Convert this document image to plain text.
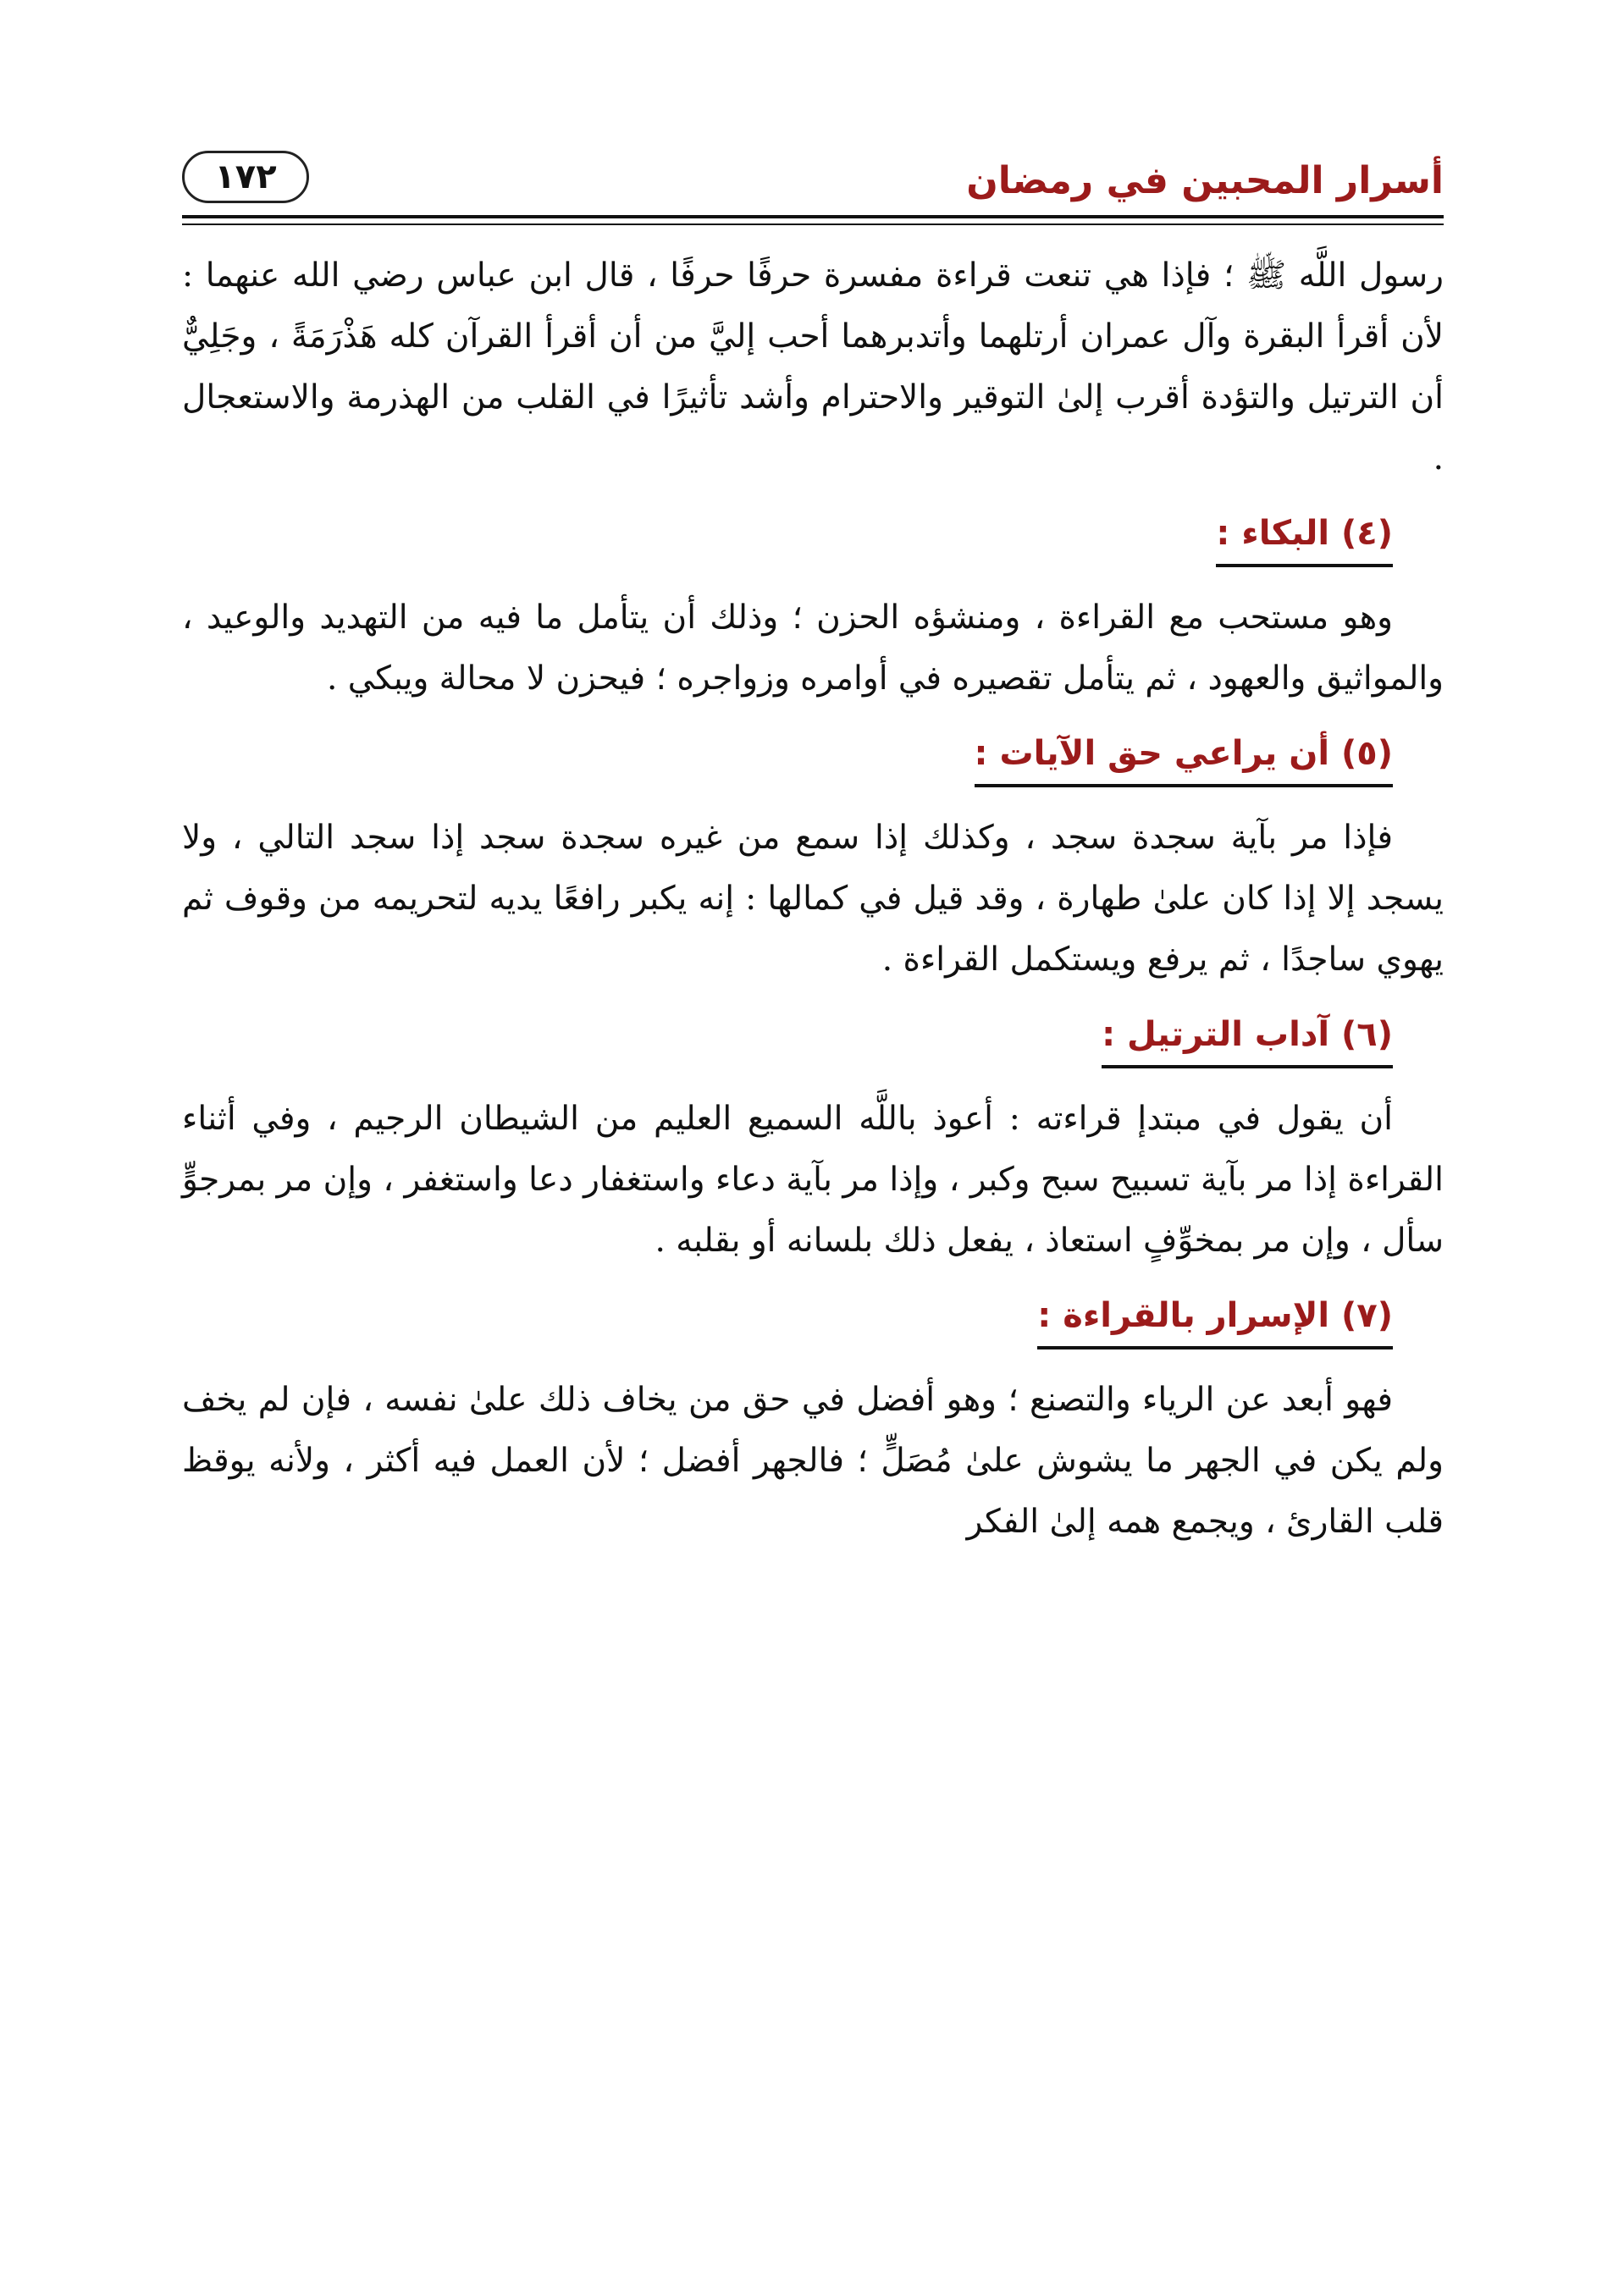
أسرار المحبين في رمضان
١٧٢

رسول اللَّه ﷺ ؛ فإذا هي تنعت قراءة مفسرة حرفًا حرفًا ، قال ابن عباس رضي الله عنهما : لأن أقرأ البقرة وآل عمران أرتلهما وأتدبرهما أحب إليَّ من أن أقرأ القرآن كله هَذْرَمَةً ، وجَلِيٌّ أن الترتيل والتؤدة أقرب إلىٰ التوقير والاحترام وأشد تأثيرًا في القلب من الهذرمة والاستعجال .

(٤) البكاء :

وهو مستحب مع القراءة ، ومنشؤه الحزن ؛ وذلك أن يتأمل ما فيه من التهديد والوعيد ، والمواثيق والعهود ، ثم يتأمل تقصيره في أوامره وزواجره ؛ فيحزن لا محالة ويبكي .

(٥) أن يراعي حق الآيات :

فإذا مر بآية سجدة سجد ، وكذلك إذا سمع من غيره سجدة سجد إذا سجد التالي ، ولا يسجد إلا إذا كان علىٰ طهارة ، وقد قيل في كمالها : إنه يكبر رافعًا يديه لتحريمه من وقوف ثم يهوي ساجدًا ، ثم يرفع ويستكمل القراءة .

(٦) آداب الترتيل :

أن يقول في مبتدإ قراءته : أعوذ باللَّه السميع العليم من الشيطان الرجيم ، وفي أثناء القراءة إذا مر بآية تسبيح سبح وكبر ، وإذا مر بآية دعاء واستغفار دعا واستغفر ، وإن مر بمرجوٍّ سأل ، وإن مر بمخوِّفٍ استعاذ ، يفعل ذلك بلسانه أو بقلبه .

(٧) الإسرار بالقراءة :

فهو أبعد عن الرياء والتصنع ؛ وهو أفضل في حق من يخاف ذلك علىٰ نفسه ، فإن لم يخف ولم يكن في الجهر ما يشوش علىٰ مُصَلٍّ ؛ فالجهر أفضل ؛ لأن العمل فيه أكثر ، ولأنه يوقظ قلب القارئ ، ويجمع همه إلىٰ الفكر
